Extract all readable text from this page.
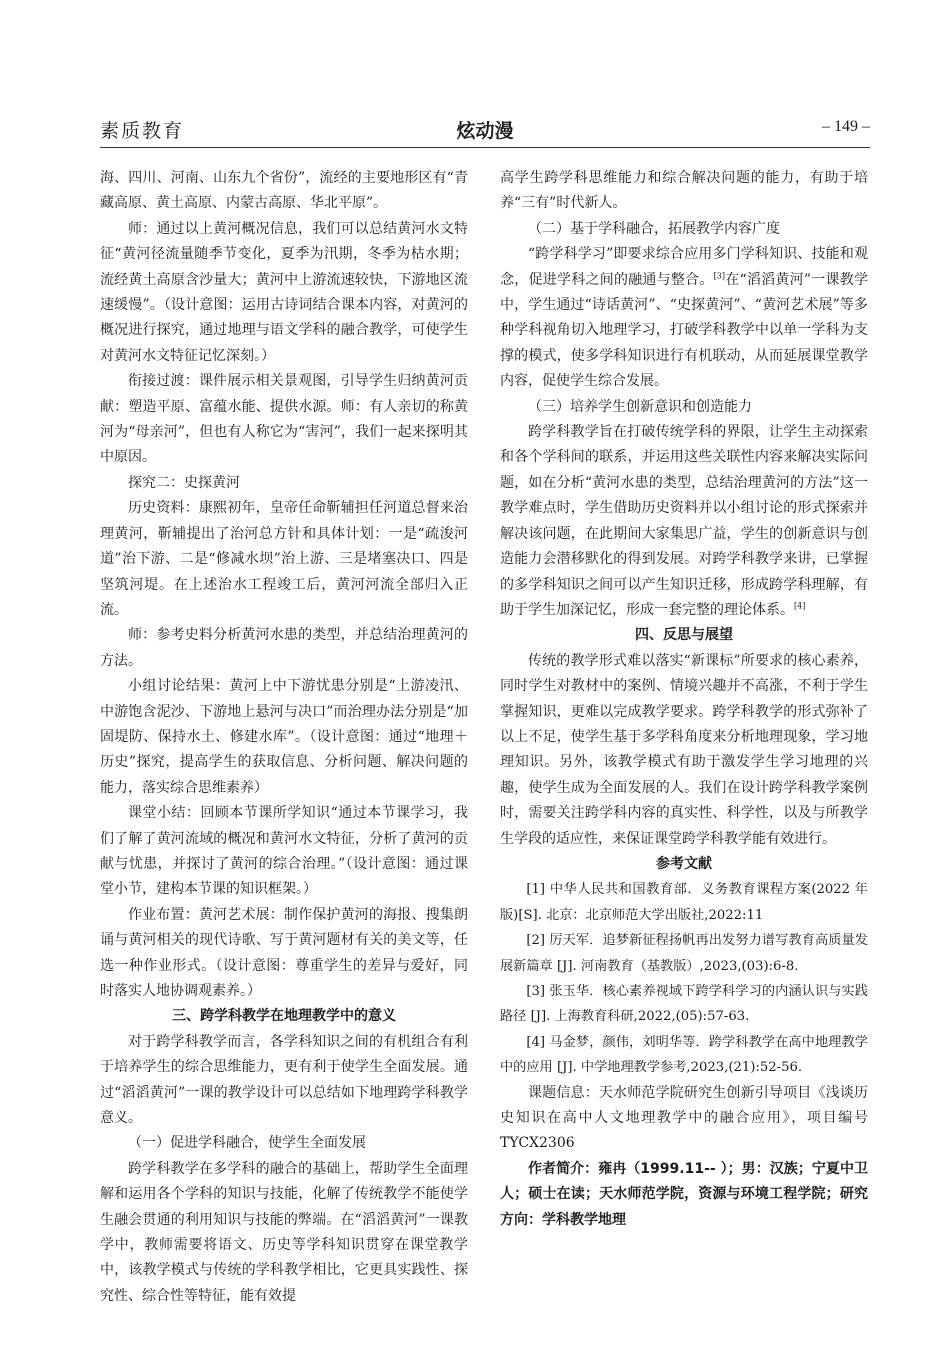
素质教育	炫动漫	– 149 –

海、四川、河南、山东九个省份”，流经的主要地形区有“青藏高原、黄土高原、内蒙古高原、华北平原”。

师：通过以上黄河概况信息，我们可以总结黄河水文特征“黄河径流量随季节变化，夏季为汛期，冬季为枯水期；流经黄土高原含沙量大；黄河中上游流速较快，下游地区流速缓慢”。（设计意图：运用古诗词结合课本内容，对黄河的概况进行探究，通过地理与语文学科的融合教学，可使学生对黄河水文特征记忆深刻。）

衔接过渡：课件展示相关景观图，引导学生归纳黄河贡献：塑造平原、富蕴水能、提供水源。师：有人亲切的称黄河为“母亲河”，但也有人称它为“害河”，我们一起来探明其中原因。

探究二：史探黄河

历史资料：康熙初年，皇帝任命靳辅担任河道总督来治理黄河，靳辅提出了治河总方针和具体计划：一是“疏浚河道”治下游、二是“修减水坝”治上游、三是堵塞决口、四是坚筑河堤。在上述治水工程竣工后，黄河河流全部归入正流。

师：参考史料分析黄河水患的类型，并总结治理黄河的方法。

小组讨论结果：黄河上中下游忧患分别是“上游凌汛、中游饱含泥沙、下游地上悬河与决口”而治理办法分别是“加固堤防、保持水土、修建水库”。（设计意图：通过“地理＋历史”探究，提高学生的获取信息、分析问题、解决问题的能力，落实综合思维素养）

课堂小结：回顾本节课所学知识“通过本节课学习，我们了解了黄河流域的概况和黄河水文特征，分析了黄河的贡献与忧患，并探讨了黄河的综合治理。”（设计意图：通过课堂小节，建构本节课的知识框架。）

作业布置：黄河艺术展：制作保护黄河的海报、搜集朗诵与黄河相关的现代诗歌、写于黄河题材有关的美文等，任选一种作业形式。（设计意图：尊重学生的差异与爱好，同时落实人地协调观素养。）

三、跨学科教学在地理教学中的意义

对于跨学科教学而言，各学科知识之间的有机组合有利于培养学生的综合思维能力，更有利于使学生全面发展。通过“滔滔黄河”一课的教学设计可以总结如下地理跨学科教学意义。

（一）促进学科融合，使学生全面发展

跨学科教学在多学科的融合的基础上，帮助学生全面理解和运用各个学科的知识与技能，化解了传统教学不能使学生融会贯通的利用知识与技能的弊端。在“滔滔黄河”一课教学中，教师需要将语文、历史等学科知识贯穿在课堂教学中，该教学模式与传统的学科教学相比，它更具实践性、探究性、综合性等特征，能有效提

高学生跨学科思维能力和综合解决问题的能力，有助于培养“三有”时代新人。

（二）基于学科融合，拓展教学内容广度

“跨学科学习”即要求综合应用多门学科知识、技能和观念，促进学科之间的融通与整合。[3]在“滔滔黄河”一课教学中，学生通过“诗话黄河”、“史探黄河”、“黄河艺术展”等多种学科视角切入地理学习，打破学科教学中以单一学科为支撑的模式，使多学科知识进行有机联动，从而延展课堂教学内容，促使学生综合发展。

（三）培养学生创新意识和创造能力

跨学科教学旨在打破传统学科的界限，让学生主动探索和各个学科间的联系，并运用这些关联性内容来解决实际问题，如在分析“黄河水患的类型，总结治理黄河的方法”这一教学难点时，学生借助历史资料并以小组讨论的形式探索并解决该问题，在此期间大家集思广益，学生的创新意识与创造能力会潜移默化的得到发展。对跨学科教学来讲，已掌握的多学科知识之间可以产生知识迁移，形成跨学科理解，有助于学生加深记忆，形成一套完整的理论体系。[4]

四、反思与展望

传统的教学形式难以落实“新课标”所要求的核心素养，同时学生对教材中的案例、情境兴趣并不高涨，不利于学生掌握知识，更难以完成教学要求。跨学科教学的形式弥补了以上不足，使学生基于多学科角度来分析地理现象，学习地理知识。另外，该教学模式有助于激发学生学习地理的兴趣，使学生成为全面发展的人。我们在设计跨学科教学案例时，需要关注跨学科内容的真实性、科学性，以及与所教学生学段的适应性，来保证课堂跨学科教学能有效进行。

参考文献

[1] 中华人民共和国教育部．义务教育课程方案(2022 年版)[S]. 北京：北京师范大学出版社,2022:11

[2] 厉天军．追梦新征程扬帆再出发努力谱写教育高质量发展新篇章 [J]. 河南教育（基教版）,2023,(03):6-8.

[3] 张玉华．核心素养视域下跨学科学习的内涵认识与实践路径 [J]. 上海教育科研,2022,(05):57-63.

[4] 马金梦，颜伟，刘明华等．跨学科教学在高中地理教学中的应用 [J]. 中学地理教学参考,2023,(21):52-56.

课题信息：天水师范学院研究生创新引导项目《浅谈历史知识在高中人文地理教学中的融合应用》，项目编号 TYCX2306

作者简介：雍冉（1999.11-- ）；男：汉族；宁夏中卫人；硕士在读；天水师范学院，资源与环境工程学院；研究方向：学科教学地理
